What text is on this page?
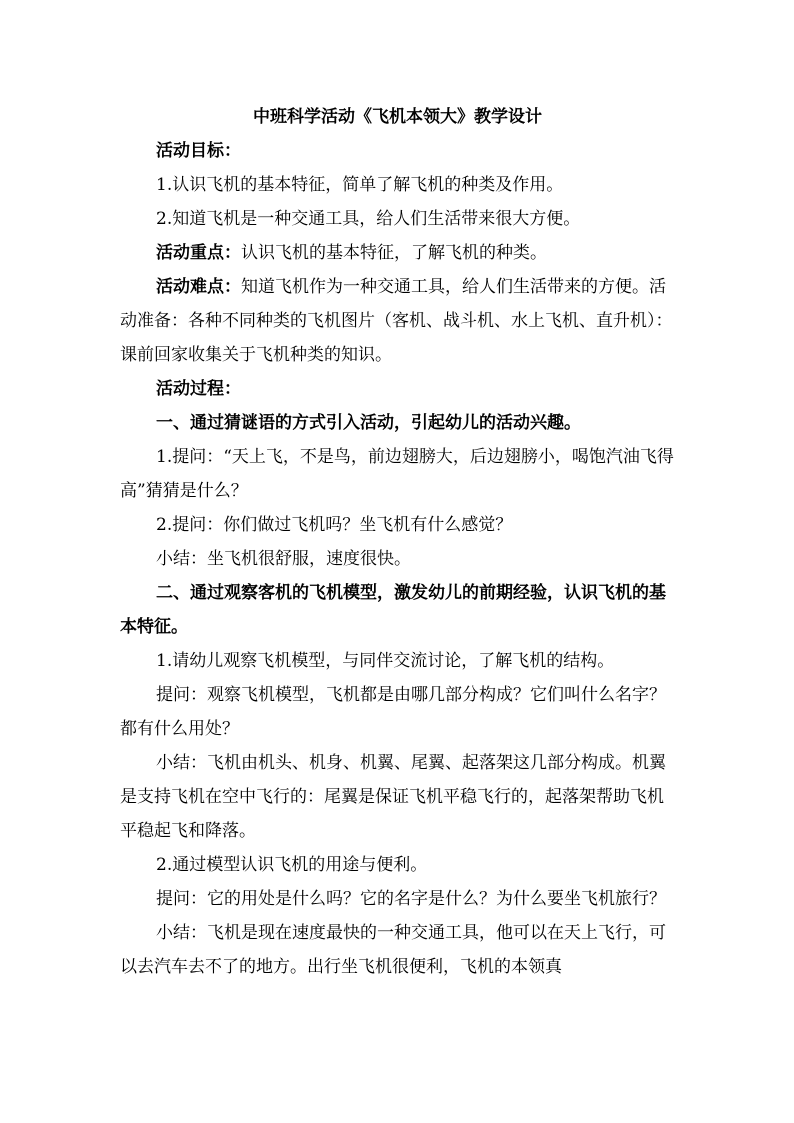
中班科学活动《飞机本领大》教学设计

活动目标：

1.认识飞机的基本特征，简单了解飞机的种类及作用。

2.知道飞机是一种交通工具，给人们生活带来很大方便。

活动重点：认识飞机的基本特征，了解飞机的种类。

活动难点：知道飞机作为一种交通工具，给人们生活带来的方便。活动准备：各种不同种类的飞机图片（客机、战斗机、水上飞机、直升机）：课前回家收集关于飞机种类的知识。

活动过程：

一、通过猜谜语的方式引入活动，引起幼儿的活动兴趣。

1.提问：“天上飞，不是鸟，前边翅膀大，后边翅膀小，喝饱汽油飞得高”猜猜是什么？

2.提问：你们做过飞机吗？坐飞机有什么感觉？

小结：坐飞机很舒服，速度很快。

二、通过观察客机的飞机模型，激发幼儿的前期经验，认识飞机的基本特征。

1.请幼儿观察飞机模型，与同伴交流讨论，了解飞机的结构。

提问：观察飞机模型，飞机都是由哪几部分构成？它们叫什么名字？都有什么用处？

小结：飞机由机头、机身、机翼、尾翼、起落架这几部分构成。机翼是支持飞机在空中飞行的：尾翼是保证飞机平稳飞行的，起落架帮助飞机平稳起飞和降落。

2.通过模型认识飞机的用途与便利。

提问：它的用处是什么吗？它的名字是什么？为什么要坐飞机旅行？

小结：飞机是现在速度最快的一种交通工具，他可以在天上飞行，可以去汽车去不了的地方。出行坐飞机很便利，飞机的本领真
